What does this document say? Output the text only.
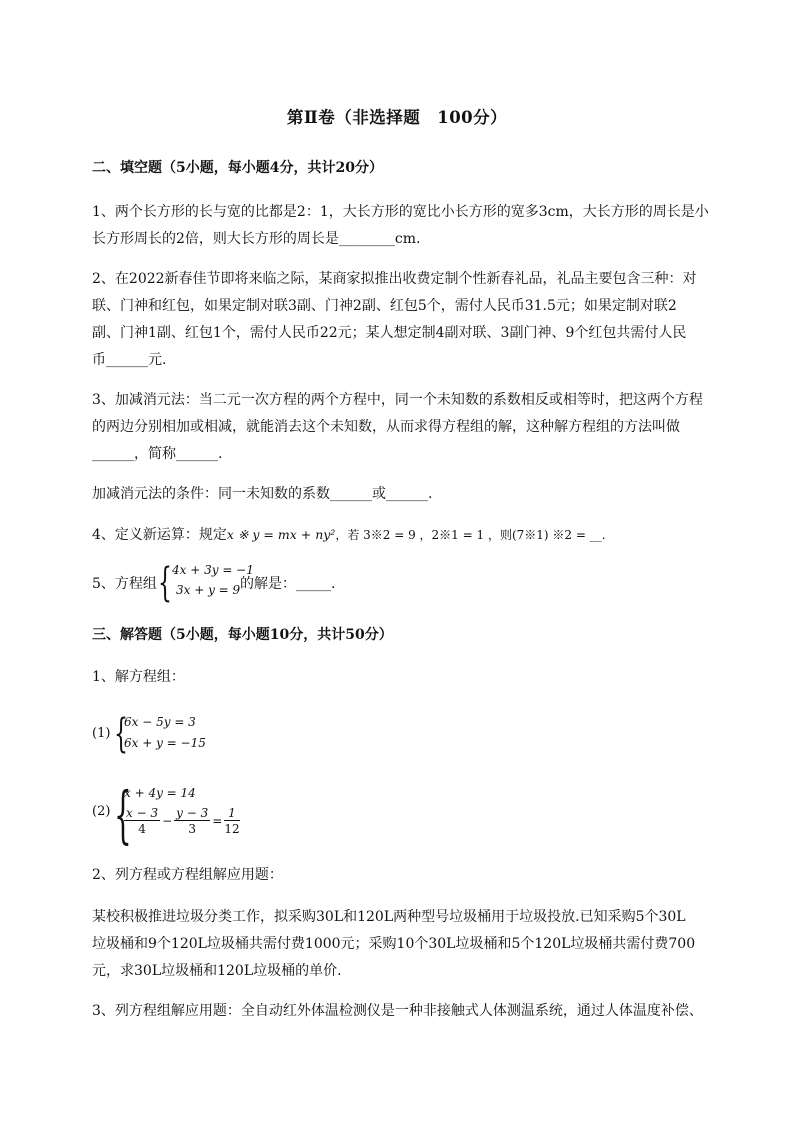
第Ⅱ卷（非选择题　100分）
二、填空题（5小题，每小题4分，共计20分）
1、两个长方形的长与宽的比都是2：1，大长方形的宽比小长方形的宽多3cm，大长方形的周长是小
长方形周长的2倍，则大长方形的周长是________cm.
2、在2022新春佳节即将来临之际，某商家拟推出收费定制个性新春礼品，礼品主要包含三种：对
联、门神和红包，如果定制对联3副、门神2副、红包5个，需付人民币31.5元；如果定制对联2
副、门神1副、红包1个，需付人民币22元；某人想定制4副对联、3副门神、9个红包共需付人民
币______元.
3、加减消元法：当二元一次方程的两个方程中，同一个未知数的系数相反或相等时，把这两个方程
的两边分别相加或相减，就能消去这个未知数，从而求得方程组的解，这种解方程组的方法叫做
______，简称______.
加减消元法的条件：同一未知数的系数______或______.
4、定义新运算：规定x ※ y = mx + ny²，若 3※2 = 9 ，2※1 = 1 ，则(7※1) ※2 = __.
5、方程组 { 4x + 3y = −1
3x + y = 9 的解是：_____.
三、解答题（5小题，每小题10分，共计50分）
1、解方程组：
(1) {
6x − 5y = 3
6x + y = −15
(2) {
x + 4y = 14
$\frac{x - 3}{4} - \frac{y - 3}{3} = \frac{1}{12}$
2、列方程或方程组解应用题：
某校积极推进垃圾分类工作，拟采购30L和120L两种型号垃圾桶用于垃圾投放.已知采购5个30L
垃圾桶和9个120L垃圾桶共需付费1000元；采购10个30L垃圾桶和5个120L垃圾桶共需付费700
元，求30L垃圾桶和120L垃圾桶的单价.
3、列方程组解应用题：全自动红外体温检测仪是一种非接触式人体测温系统，通过人体温度补偿、
